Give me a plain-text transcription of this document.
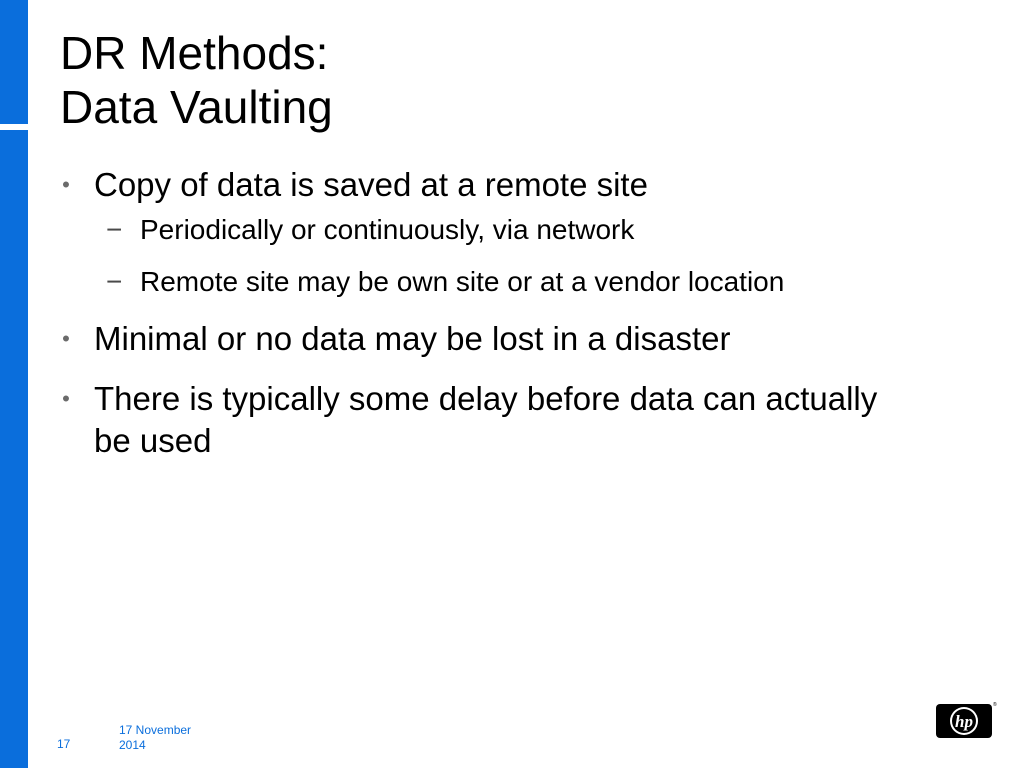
DR Methods:
Data Vaulting
• Copy of data is saved at a remote site
− Periodically or continuously, via network
− Remote site may be own site or at a vendor location
• Minimal or no data may be lost in a disaster
• There is typically some delay before data can actually be used
17
17 November 2014
hp
®
